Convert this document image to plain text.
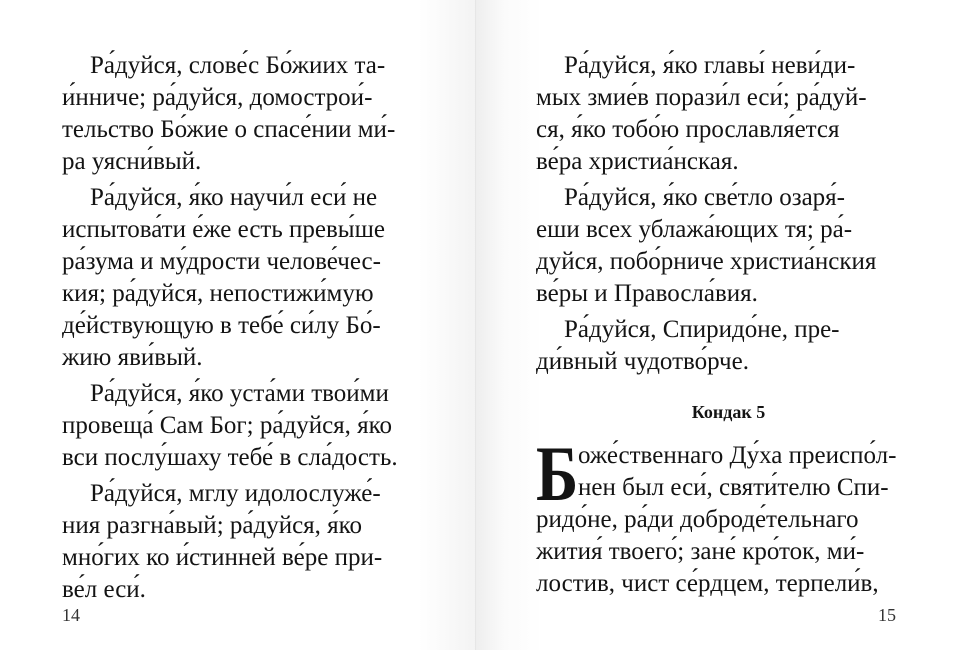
Ра́дуйся, слове́с Бо́жиих та-
и́нниче; ра́дуйся, домострои́-
тельство Бо́жие о спасе́нии ми́-
ра уясни́вый.
Ра́дуйся, я́ко научи́л еси́ не
испытова́ти е́же есть превы́ше
ра́зума и му́дрости челове́чес-
кия; ра́дуйся, непостижи́мую
де́йствующую в тебе́ си́лу Бо́-
жию яви́вый.
Ра́дуйся, я́ко уста́ми твои́ми
провеща́ Сам Бог; ра́дуйся, я́ко
вси послу́шаху тебе́ в сла́дость.
Ра́дуйся, мглу идолослуже́-
ния разгна́вый; ра́дуйся, я́ко
мно́гих ко и́стинней ве́ре при-
ве́л еси́.
14
Ра́дуйся, я́ко главы́ неви́ди-
мых змие́в порази́л еси́; ра́дуй-
ся, я́ко тобо́ю прославля́ется
ве́ра христиа́нская.
Ра́дуйся, я́ко све́тло озаря́-
еши всех ублажа́ющих тя; ра́-
дуйся, побо́рниче христиа́нския
ве́ры и Правосла́вия.
Ра́дуйся, Спиридо́не, пре-
ди́вный чудотво́рче.
Кондак 5
Б оже́ственнаго Ду́ха преиспо́л-
нен был еси́, святи́телю Спи-
ридо́не, ра́ди доброде́тельнаго
жития́ твоего́; зане́ кро́ток, ми́-
лостив, чист се́рдцем, терпели́в,
15
